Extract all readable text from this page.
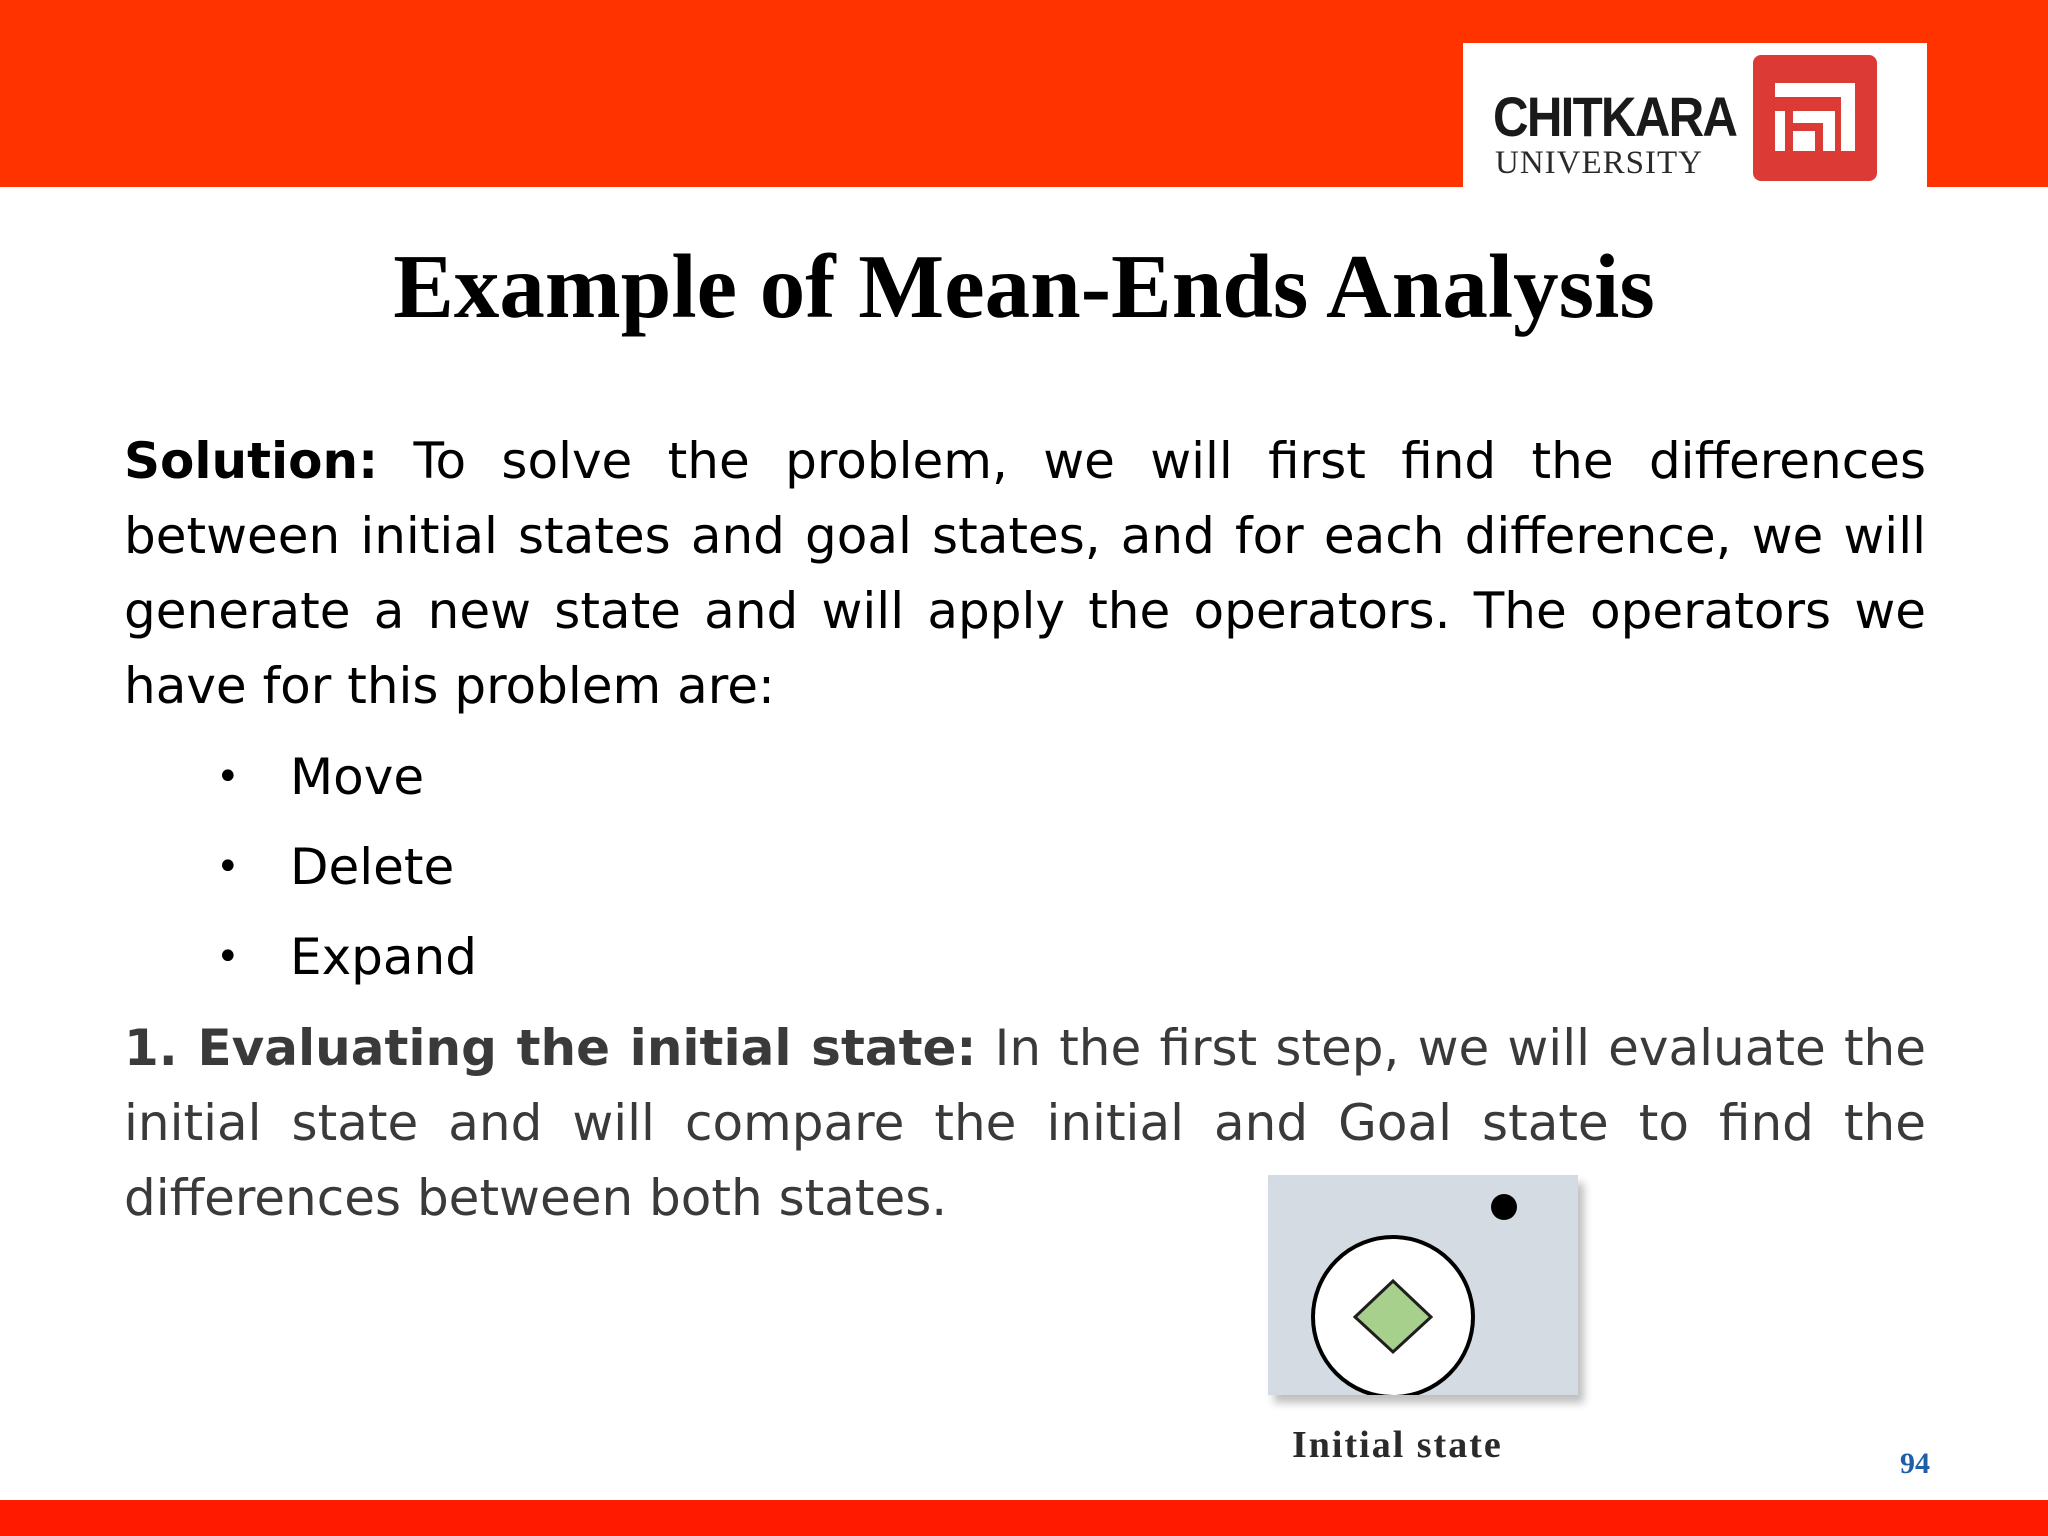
CHITKARA
UNIVERSITY
Example of Mean-Ends Analysis

Solution: To solve the problem, we will first find the differences between initial states and goal states, and for each difference, we will generate a new state and will apply the operators. The operators we have for this problem are:

• Move
• Delete
• Expand

1. Evaluating the initial state: In the first step, we will evaluate the initial state and will compare the initial and Goal state to find the differences between both states.

Initial state	94
